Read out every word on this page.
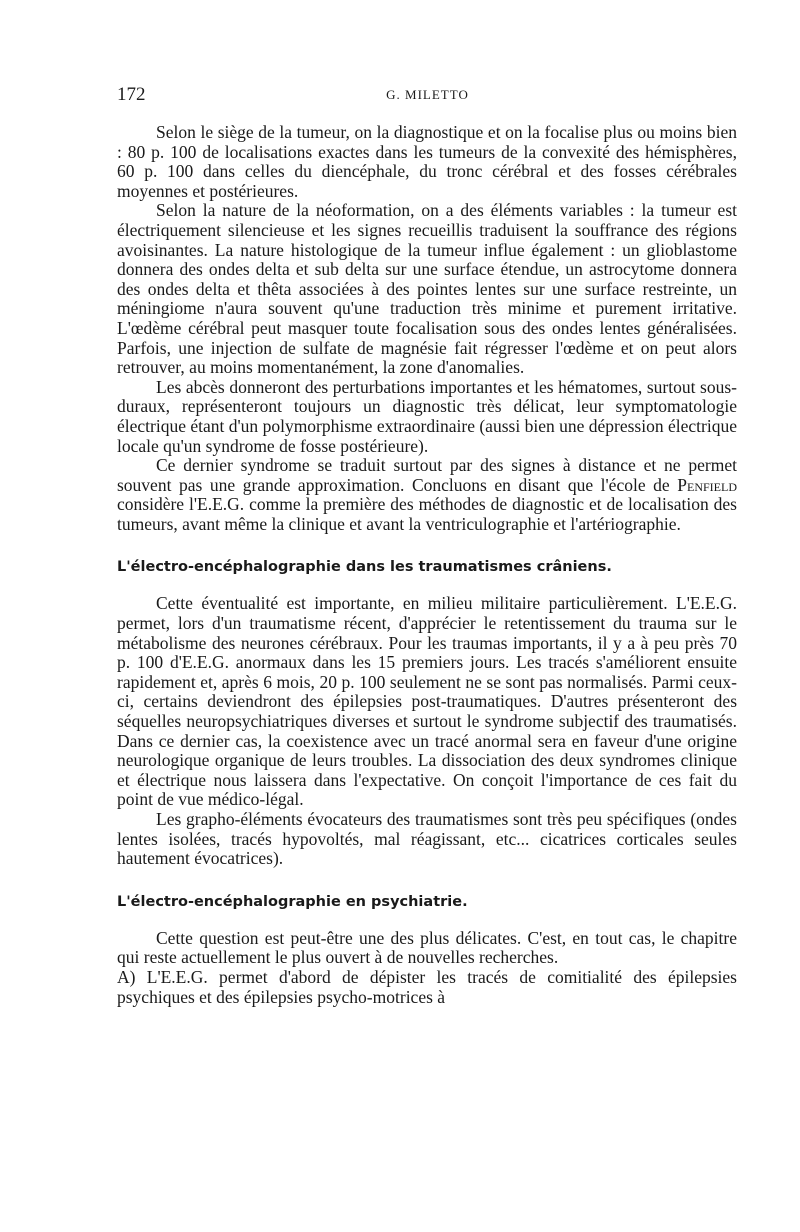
172	G. MILETTO

Selon le siège de la tumeur, on la diagnostique et on la focalise plus ou moins bien : 80 p. 100 de localisations exactes dans les tumeurs de la convexité des hémisphères, 60 p. 100 dans celles du diencéphale, du tronc cérébral et des fosses cérébrales moyennes et postérieures.

Selon la nature de la néoformation, on a des éléments variables : la tumeur est électriquement silencieuse et les signes recueillis traduisent la souffrance des régions avoisinantes. La nature histologique de la tumeur influe également : un glioblastome donnera des ondes delta et sub delta sur une surface étendue, un astrocytome donnera des ondes delta et thêta associées à des pointes lentes sur une surface restreinte, un méningiome n'aura souvent qu'une traduction très minime et purement irritative. L'œdème cérébral peut masquer toute focalisation sous des ondes lentes généralisées. Parfois, une injection de sulfate de magnésie fait régresser l'œdème et on peut alors retrouver, au moins momentanément, la zone d'anomalies.

Les abcès donneront des perturbations importantes et les hématomes, surtout sous-duraux, représenteront toujours un diagnostic très délicat, leur symptomatologie électrique étant d'un polymorphisme extraordinaire (aussi bien une dépression électrique locale qu'un syndrome de fosse postérieure).

Ce dernier syndrome se traduit surtout par des signes à distance et ne permet souvent pas une grande approximation. Concluons en disant que l'école de Penfield considère l'E.E.G. comme la première des méthodes de diagnostic et de localisation des tumeurs, avant même la clinique et avant la ventriculographie et l'artériographie.

L'électro-encéphalographie dans les traumatismes crâniens.

Cette éventualité est importante, en milieu militaire particulièrement. L'E.E.G. permet, lors d'un traumatisme récent, d'apprécier le retentissement du trauma sur le métabolisme des neurones cérébraux. Pour les traumas importants, il y a à peu près 70 p. 100 d'E.E.G. anormaux dans les 15 premiers jours. Les tracés s'améliorent ensuite rapidement et, après 6 mois, 20 p. 100 seulement ne se sont pas normalisés. Parmi ceux-ci, certains deviendront des épilepsies post-traumatiques. D'autres présenteront des séquelles neuropsychiatriques diverses et surtout le syndrome subjectif des traumatisés. Dans ce dernier cas, la coexistence avec un tracé anormal sera en faveur d'une origine neurologique organique de leurs troubles. La dissociation des deux syndromes clinique et électrique nous laissera dans l'expectative. On conçoit l'importance de ces fait du point de vue médico-légal.

Les grapho-éléments évocateurs des traumatismes sont très peu spécifiques (ondes lentes isolées, tracés hypovoltés, mal réagissant, etc... cicatrices corticales seules hautement évocatrices).

L'électro-encéphalographie en psychiatrie.

Cette question est peut-être une des plus délicates. C'est, en tout cas, le chapitre qui reste actuellement le plus ouvert à de nouvelles recherches.

A) L'E.E.G. permet d'abord de dépister les tracés de comitialité des épilepsies psychiques et des épilepsies psycho-motrices à
